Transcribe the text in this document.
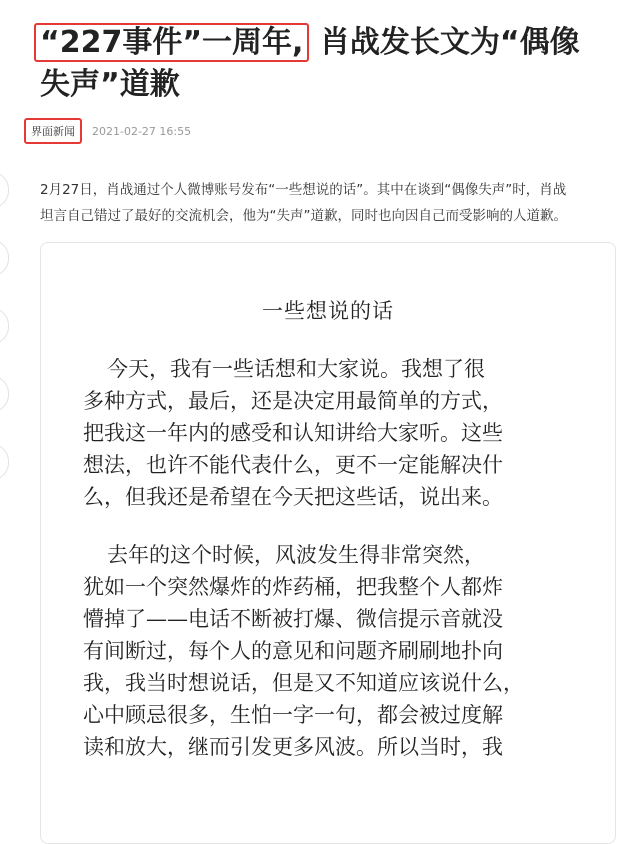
“227事件”一周年, 肖战发长文为“偶像
失声”道歉
界面新闻	2021-02-27 16:55
2月27日，肖战通过个人微博账号发布“一些想说的话”。其中在谈到“偶像失声”时，肖战
坦言自己错过了最好的交流机会，他为“失声”道歉，同时也向因自己而受影响的人道歉。
一些想说的话
今天，我有一些话想和大家说。我想了很
多种方式，最后，还是决定用最简单的方式，
把我这一年内的感受和认知讲给大家听。这些
想法，也许不能代表什么，更不一定能解决什
么，但我还是希望在今天把这些话，说出来。
去年的这个时候，风波发生得非常突然，
犹如一个突然爆炸的炸药桶，把我整个人都炸
懵掉了——电话不断被打爆、微信提示音就没
有间断过，每个人的意见和问题齐刷刷地扑向
我，我当时想说话，但是又不知道应该说什么，
心中顾忌很多，生怕一字一句，都会被过度解
读和放大，继而引发更多风波。所以当时，我
